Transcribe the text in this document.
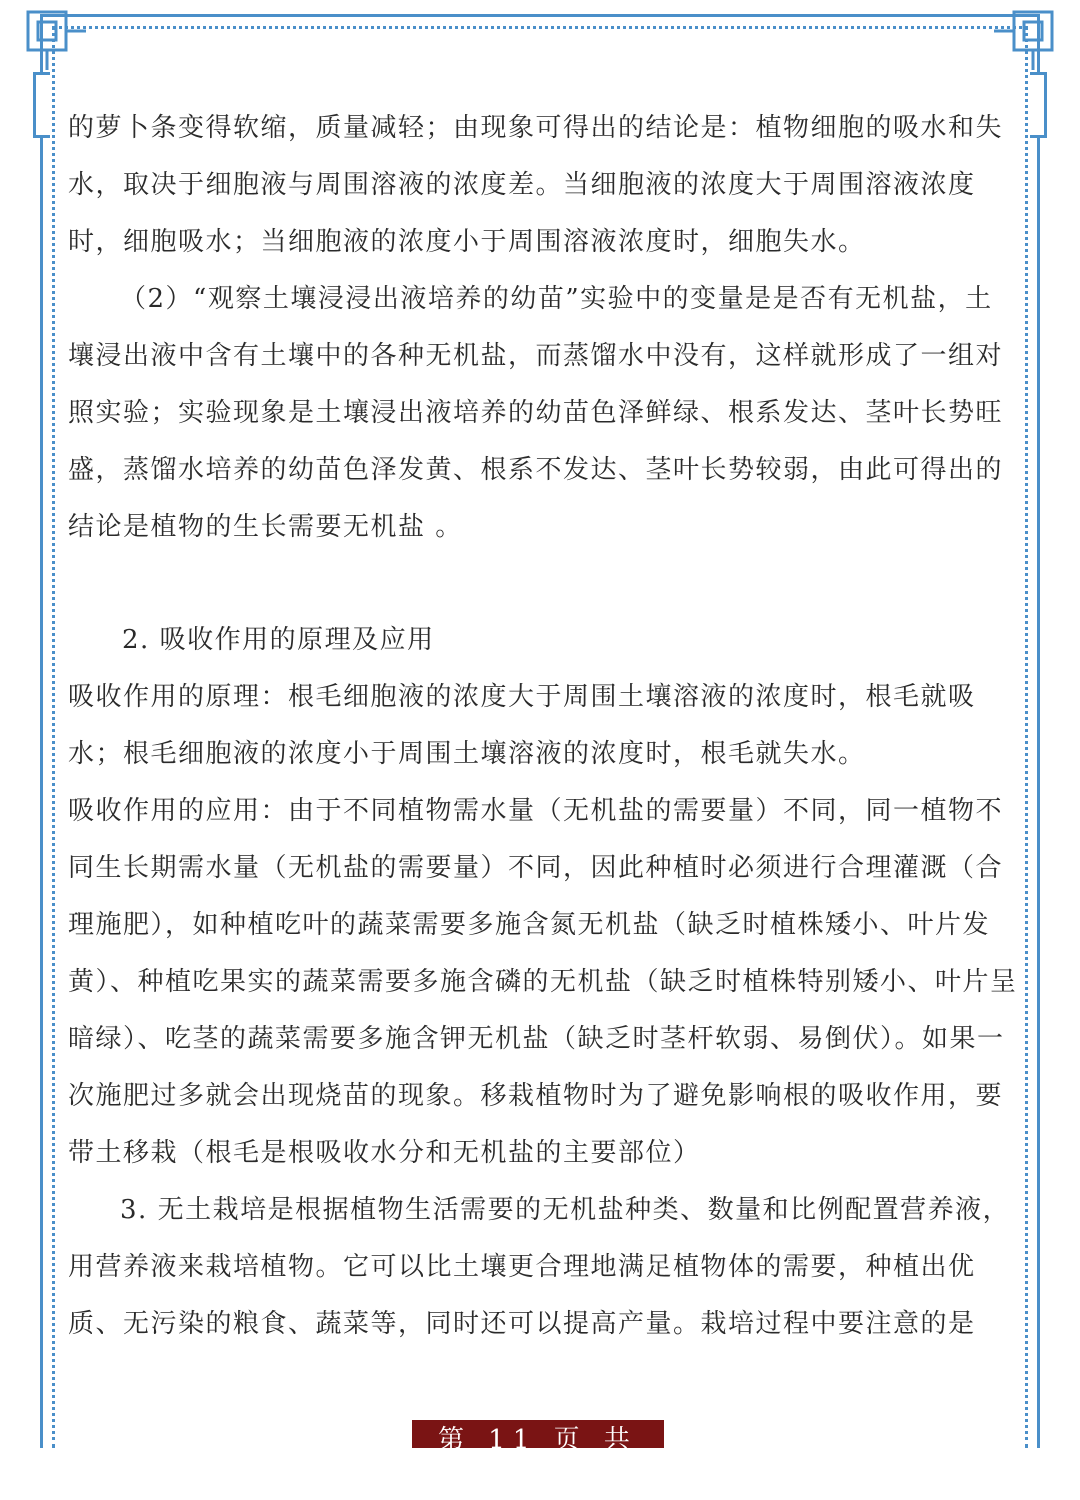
的萝卜条变得软缩，质量减轻；由现象可得出的结论是：植物细胞的吸水和失水，取决于细胞液与周围溶液的浓度差。当细胞液的浓度大于周围溶液浓度时，细胞吸水；当细胞液的浓度小于周围溶液浓度时，细胞失水。

（2）“观察土壤浸浸出液培养的幼苗”实验中的变量是是否有无机盐，土壤浸出液中含有土壤中的各种无机盐，而蒸馏水中没有，这样就形成了一组对照实验；实验现象是土壤浸出液培养的幼苗色泽鲜绿、根系发达、茎叶长势旺盛，蒸馏水培养的幼苗色泽发黄、根系不发达、茎叶长势较弱，由此可得出的结论是植物的生长需要无机盐 。

2. 吸收作用的原理及应用

吸收作用的原理：根毛细胞液的浓度大于周围土壤溶液的浓度时，根毛就吸水；根毛细胞液的浓度小于周围土壤溶液的浓度时，根毛就失水。

吸收作用的应用：由于不同植物需水量（无机盐的需要量）不同，同一植物不同生长期需水量（无机盐的需要量）不同，因此种植时必须进行合理灌溉（合理施肥），如种植吃叶的蔬菜需要多施含氮无机盐（缺乏时植株矮小、叶片发黄）、种植吃果实的蔬菜需要多施含磷的无机盐（缺乏时植株特别矮小、叶片呈暗绿）、吃茎的蔬菜需要多施含钾无机盐（缺乏时茎杆软弱、易倒伏）。如果一次施肥过多就会出现烧苗的现象。移栽植物时为了避免影响根的吸收作用，要带土移栽（根毛是根吸收水分和无机盐的主要部位）

3. 无土栽培是根据植物生活需要的无机盐种类、数量和比例配置营养液，用营养液来栽培植物。它可以比土壤更合理地满足植物体的需要，种植出优质、无污染的粮食、蔬菜等，同时还可以提高产量。栽培过程中要注意的是

第 11 页 共 42 页
